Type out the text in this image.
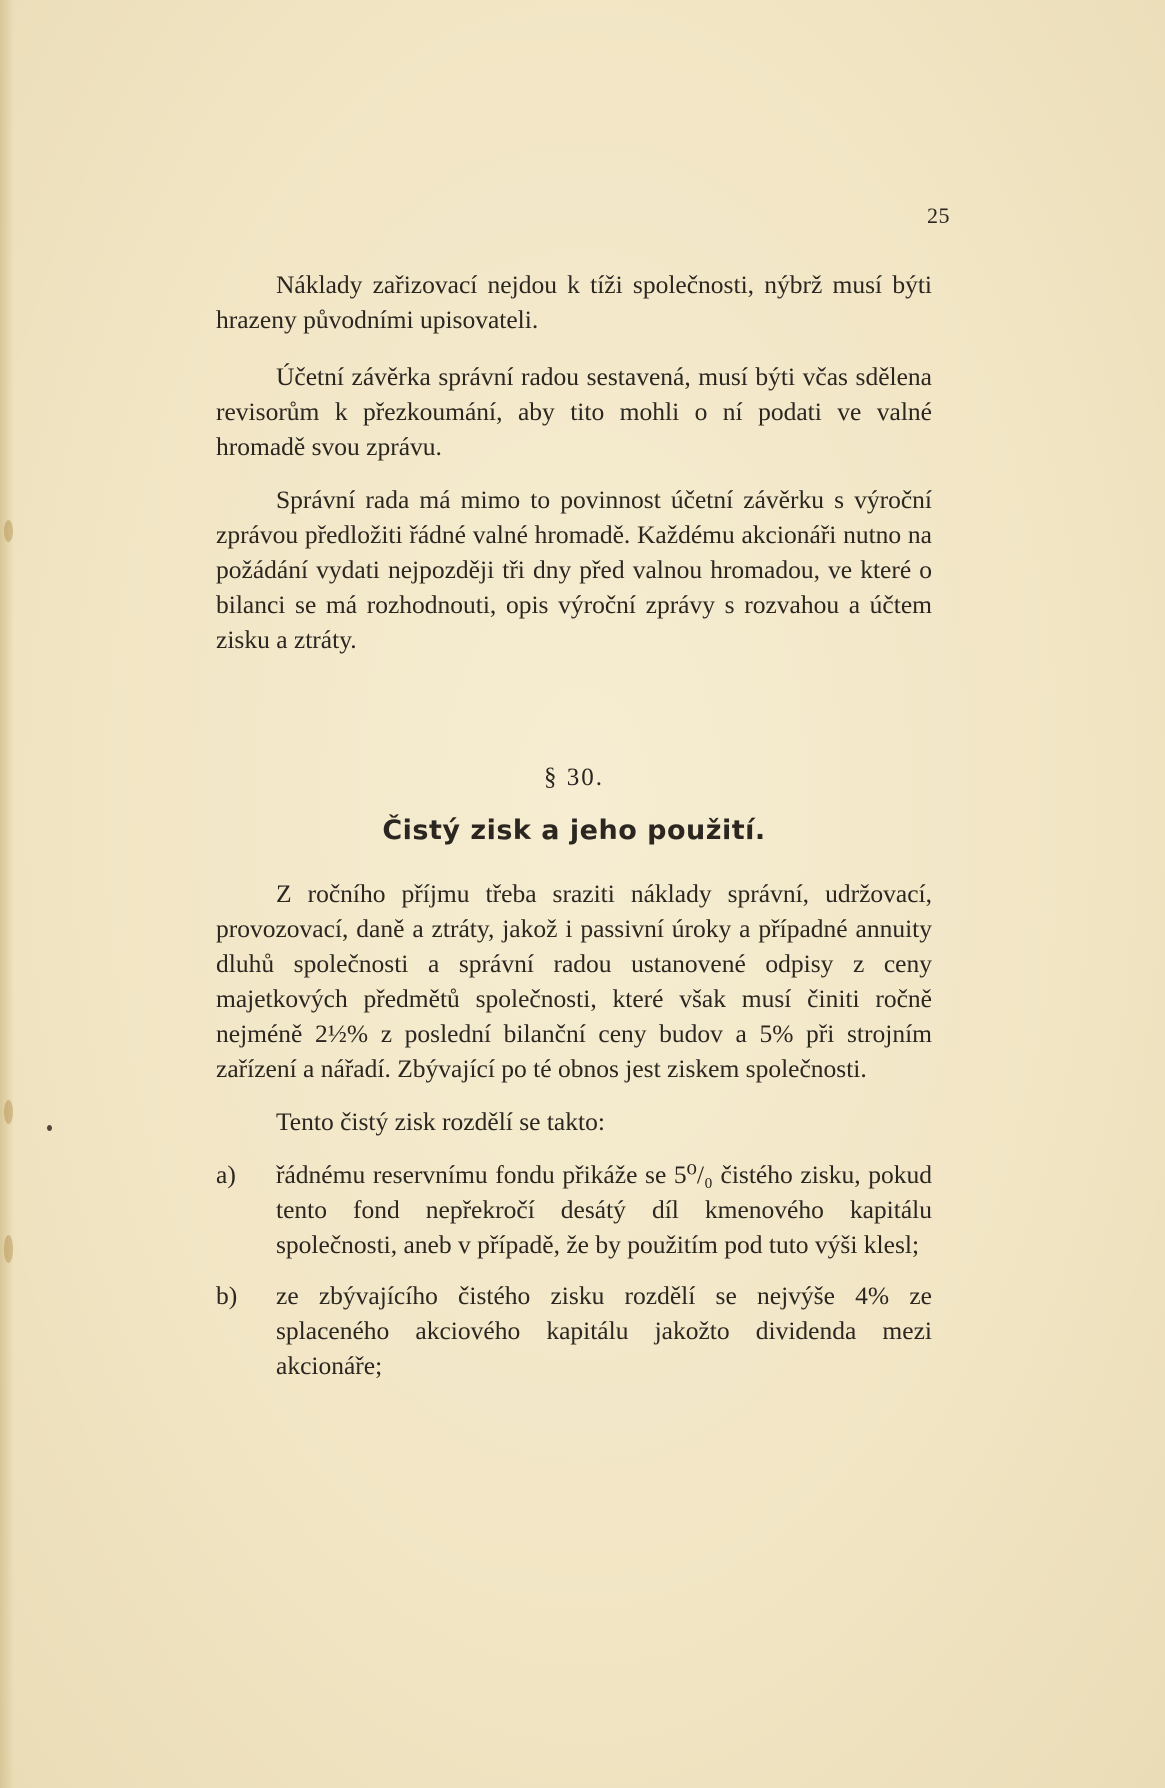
25

Náklady zařizovací nejdou k tíži společnosti, nýbrž musí býti hrazeny původními upisovateli.

Účetní závěrka správní radou sestavená, musí býti včas sdělena revisorům k přezkoumání, aby tito mohli o ní podati ve valné hromadě svou zprávu.

Správní rada má mimo to povinnost účetní závěrku s výroční zprávou předložiti řádné valné hromadě. Každému akcionáři nutno na požádání vydati nejpozději tři dny před valnou hromadou, ve které o bilanci se má rozhodnouti, opis výroční zprávy s rozvahou a účtem zisku a ztráty.

§ 30.
Čistý zisk a jeho použití.

Z ročního příjmu třeba sraziti náklady správní, udržovací, provozovací, daně a ztráty, jakož i passivní úroky a případné annuity dluhů společnosti a správní radou ustanovené odpisy z ceny majetkových předmětů společnosti, které však musí činiti ročně nejméně 2½% z poslední bilanční ceny budov a 5% při strojním zařízení a nářadí. Zbývající po té obnos jest ziskem společnosti.

Tento čistý zisk rozdělí se takto:

a) řádnému reservnímu fondu přikáže se 5⁰/₀ čistého zisku, pokud tento fond nepřekročí desátý díl kmenového kapitálu společnosti, aneb v případě, že by použitím pod tuto výši klesl;
b) ze zbývajícího čistého zisku rozdělí se nejvýše 4% ze splaceného akciového kapitálu jakožto dividenda mezi akcionáře;
